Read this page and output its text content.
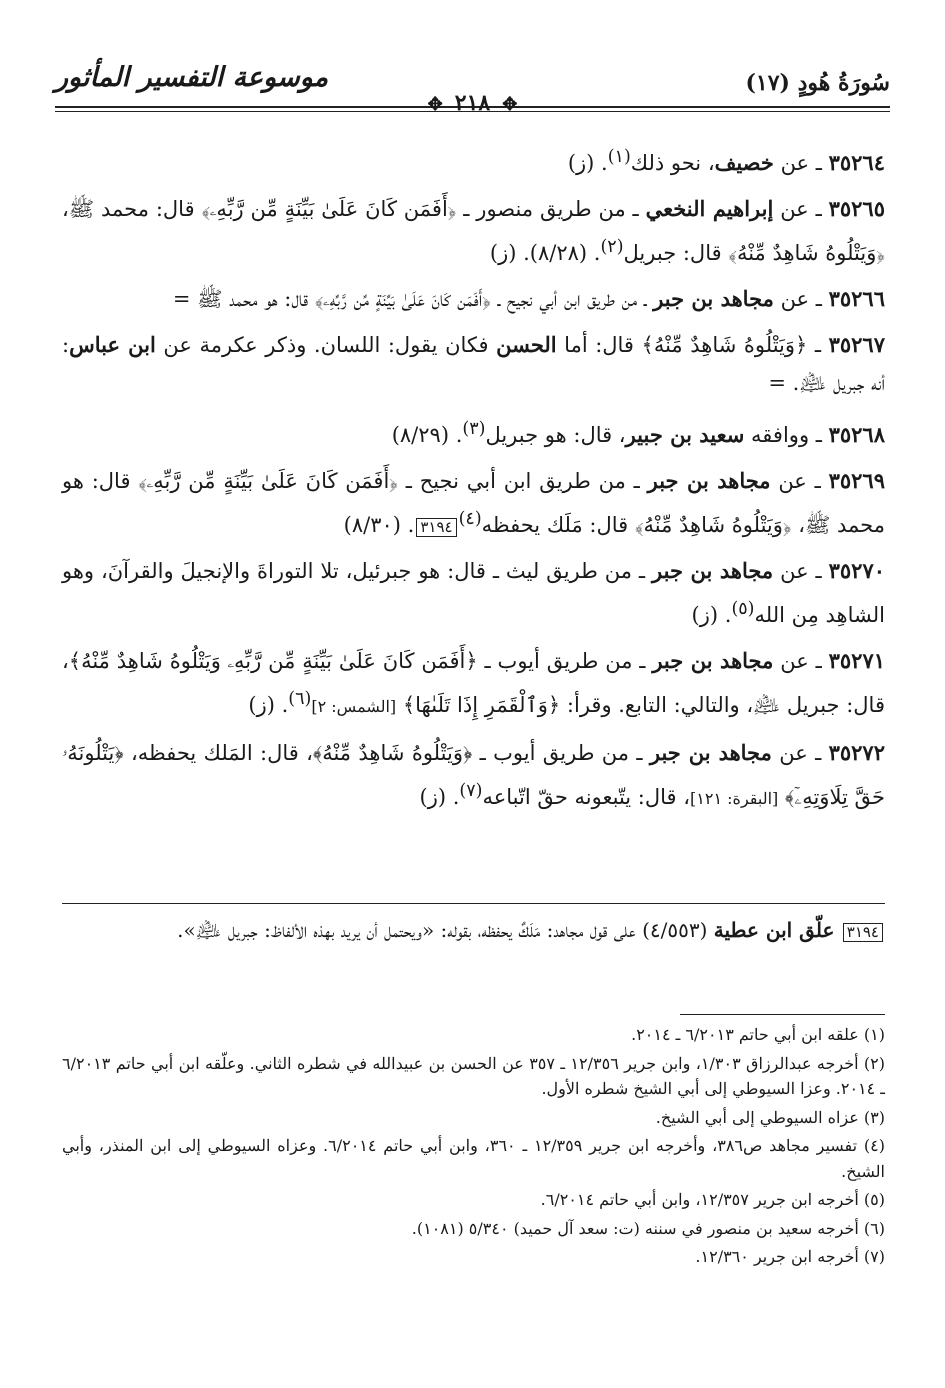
سُورَةُ هُودٍ (١٧)
موسوعة التفسير المأثور
✥٢١٨✥

٣٥٢٦٤ ـ عن خصيف، نحو ذلك$^{(١)}$. (ز)

٣٥٢٦٥ ـ عن إبراهيم النخعي ـ من طريق منصور ـ ﴿أَفَمَن كَانَ عَلَىٰ بَيِّنَةٍ مِّن رَّبِّهِۦ﴾ قال: محمد ﷺ، ﴿وَيَتْلُوهُ شَاهِدٌ مِّنْهُ﴾ قال: جبريل$^{(٢)}$. (٨/٢٨). (ز)

٣٥٢٦٦ ـ عن مجاهد بن جبر ـ من طريق ابن أبي نجيح ـ ﴿أَفَمَن كَانَ عَلَىٰ بَيِّنَةٍ مِّن رَّبِّهِۦ﴾ قال: هو محمد ﷺ =

٣٥٢٦٧ ـ ﴿وَيَتْلُوهُ شَاهِدٌ مِّنْهُ﴾ قال: أما الحسن فكان يقول: اللسان. وذكر عكرمة عن ابن عباس: أنه جبريل ﵇. =

٣٥٢٦٨ ـ ووافقه سعيد بن جبير، قال: هو جبريل$^{(٣)}$. (٨/٢٩)

٣٥٢٦٩ ـ عن مجاهد بن جبر ـ من طريق ابن أبي نجيح ـ ﴿أَفَمَن كَانَ عَلَىٰ بَيِّنَةٍ مِّن رَّبِّهِۦ﴾ قال: هو محمد ﷺ، ﴿وَيَتْلُوهُ شَاهِدٌ مِّنْهُ﴾ قال: مَلَك يحفظه$^{(٤)}$٣١٩٤. (٨/٣٠)

٣٥٢٧٠ ـ عن مجاهد بن جبر ـ من طريق ليث ـ قال: هو جبرئيل، تلا التوراةَ والإنجيلَ والقرآنَ، وهو الشاهِد مِن الله$^{(٥)}$. (ز)

٣٥٢٧١ ـ عن مجاهد بن جبر ـ من طريق أيوب ـ ﴿أَفَمَن كَانَ عَلَىٰ بَيِّنَةٍ مِّن رَّبِّهِۦ وَيَتْلُوهُ شَاهِدٌ مِّنْهُ﴾، قال: جبريل ﵇، والتالي: التابع. وقرأ: ﴿وَٱلْقَمَرِ إِذَا تَلَىٰهَا﴾ [الشمس: ٢]$^{(٦)}$. (ز)

٣٥٢٧٢ ـ عن مجاهد بن جبر ـ من طريق أيوب ـ ﴿وَيَتْلُوهُ شَاهِدٌ مِّنْهُ﴾، قال: المَلك يحفظه، ﴿يَتْلُونَهُۥ حَقَّ تِلَاوَتِهِۦٓ﴾ [البقرة: ١٢١]، قال: يتّبعونه حقّ اتّباعه$^{(٧)}$. (ز)

٣١٩٤ علّق ابن عطية (٤/٥٥٣) على قول مجاهد: مَلَكٌ يحفظه، بقوله: «ويحتمل أن يريد بهذه الألفاظ: جبريل ﵇».

(١) علقه ابن أبي حاتم ٦/٢٠١٣ ـ ٢٠١٤.

(٢) أخرجه عبدالرزاق ١/٣٠٣، وابن جرير ١٢/٣٥٦ ـ ٣٥٧ عن الحسن بن عبيدالله في شطره الثاني. وعلّقه ابن أبي حاتم ٦/٢٠١٣ ـ ٢٠١٤. وعزا السيوطي إلى أبي الشيخ شطره الأول.

(٣) عزاه السيوطي إلى أبي الشيخ.

(٤) تفسير مجاهد ص٣٨٦، وأخرجه ابن جرير ١٢/٣٥٩ ـ ٣٦٠، وابن أبي حاتم ٦/٢٠١٤. وعزاه السيوطي إلى ابن المنذر، وأبي الشيخ.

(٥) أخرجه ابن جرير ١٢/٣٥٧، وابن أبي حاتم ٦/٢٠١٤.

(٦) أخرجه سعيد بن منصور في سننه (ت: سعد آل حميد) ٥/٣٤٠ (١٠٨١).

(٧) أخرجه ابن جرير ١٢/٣٦٠.
